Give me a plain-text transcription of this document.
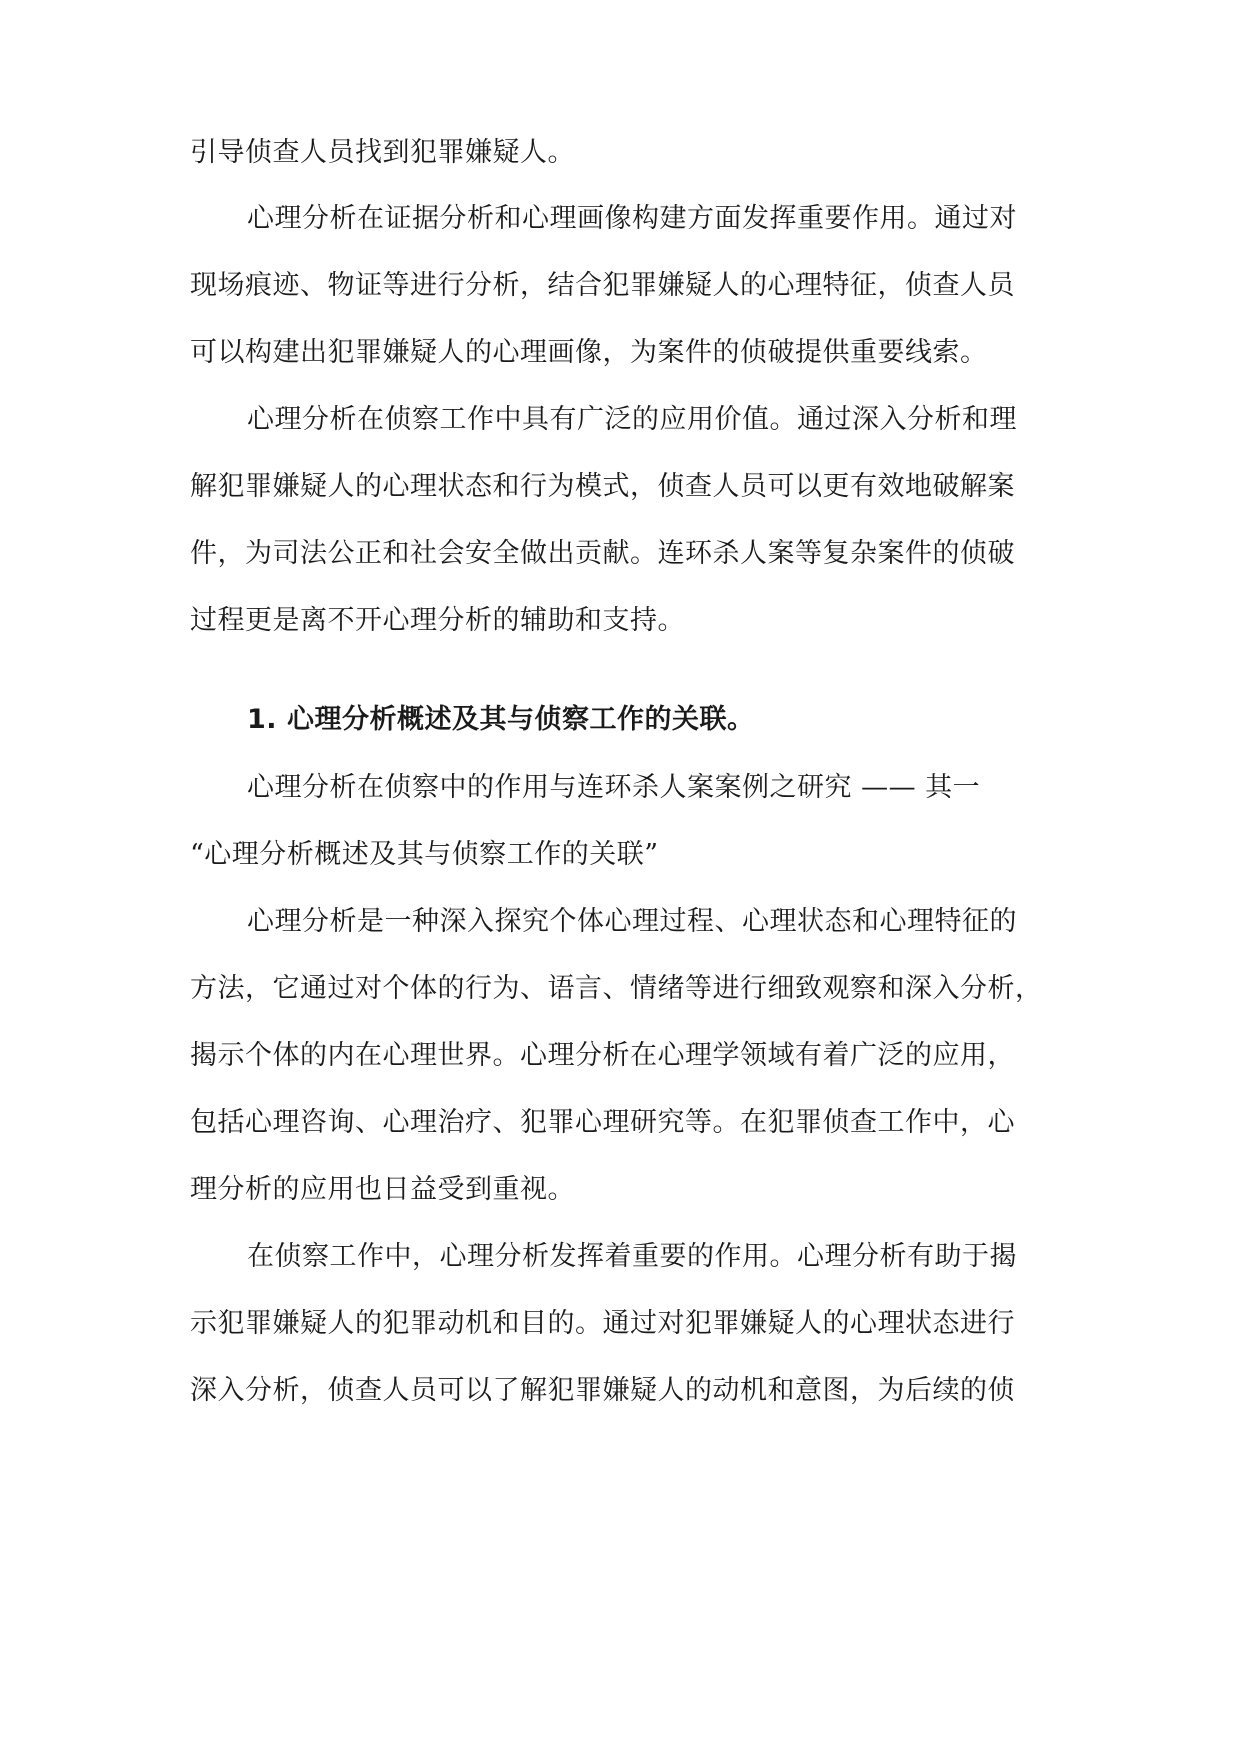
引导侦查人员找到犯罪嫌疑人。
心理分析在证据分析和心理画像构建方面发挥重要作用。通过对
现场痕迹、物证等进行分析，结合犯罪嫌疑人的心理特征，侦查人员
可以构建出犯罪嫌疑人的心理画像，为案件的侦破提供重要线索。
心理分析在侦察工作中具有广泛的应用价值。通过深入分析和理
解犯罪嫌疑人的心理状态和行为模式，侦查人员可以更有效地破解案
件，为司法公正和社会安全做出贡献。连环杀人案等复杂案件的侦破
过程更是离不开心理分析的辅助和支持。
1. 心理分析概述及其与侦察工作的关联。
心理分析在侦察中的作用与连环杀人案案例之研究 —— 其一
“心理分析概述及其与侦察工作的关联”
心理分析是一种深入探究个体心理过程、心理状态和心理特征的
方法，它通过对个体的行为、语言、情绪等进行细致观察和深入分析，
揭示个体的内在心理世界。心理分析在心理学领域有着广泛的应用，
包括心理咨询、心理治疗、犯罪心理研究等。在犯罪侦查工作中，心
理分析的应用也日益受到重视。
在侦察工作中，心理分析发挥着重要的作用。心理分析有助于揭
示犯罪嫌疑人的犯罪动机和目的。通过对犯罪嫌疑人的心理状态进行
深入分析，侦查人员可以了解犯罪嫌疑人的动机和意图，为后续的侦
